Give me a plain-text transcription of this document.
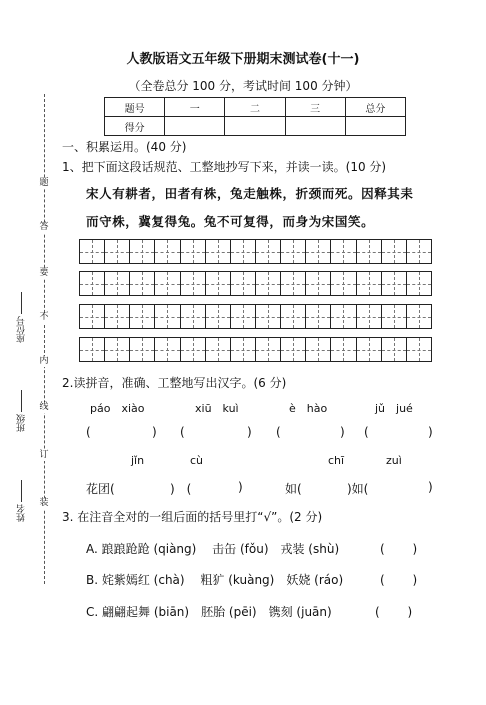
人教版语文五年级下册期末测试卷(十一)
（全卷总分 100 分，考试时间 100 分钟）
题号	一	二	三	总分
得分				
题
答
要
不
内
线
订
装
座位号
班级
姓名
一、积累运用。(40 分)
1、把下面这段话规范、工整地抄写下来，并读一读。(10 分)
宋人有耕者，田者有株，兔走触株，折颈而死。因释其耒
而守株，冀复得兔。兔不可复得，而身为宋国笑。
2.读拼音，准确、工整地写出汉字。(6 分)
páo　xiào	xiū　kuì	è　hào	jǔ　jué
(	) (	) (	) (	)
jǐn	cù	chī	zuì
花团(	)　(	)	如(	)如(	)
3. 在注音全对的一组后面的括号里打“√”。(2 分)
A. 踉踉跄跄 (qiàng)　 击缶 (fǒu)　戎装 (shù)	(　　 )
B. 姹紫嫣红 (chà)　 粗犷 (kuàng)　妖娆 (ráo)	(　　 )
C. 翩翩起舞 (biān)　胚胎 (pēi)　镌刻 (juān)	(　　 )
